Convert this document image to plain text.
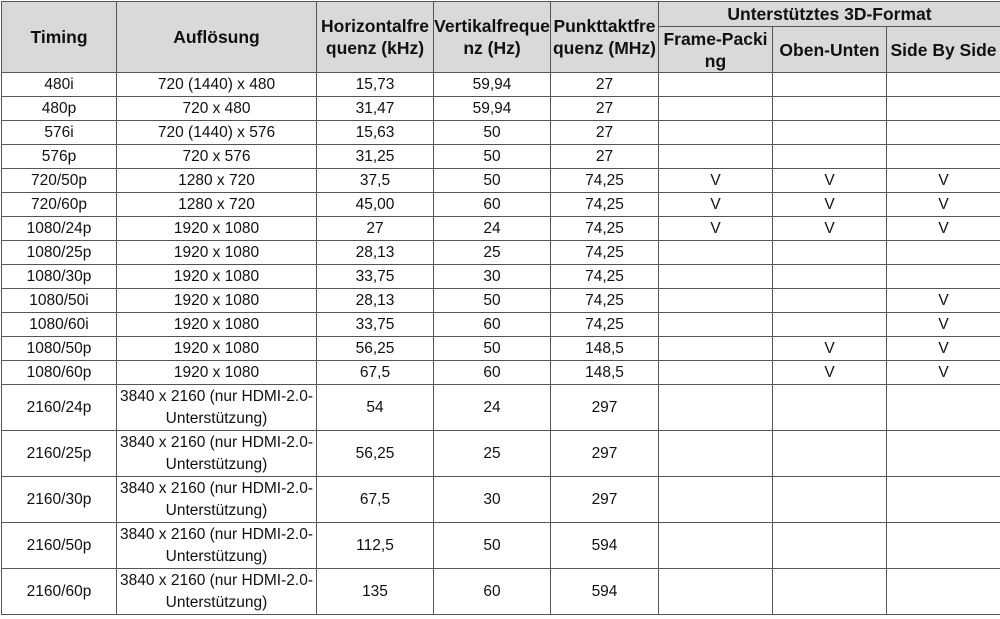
Timing	Auflösung	Horizontalfrequenz (kHz)	Vertikalfrequenz (Hz)	Punkttaktfrequenz (MHz)	Unterstütztes 3D-Format		
					Frame-Packing	Oben-Unten	Side By Side
480i	720 (1440) x 480	15,73	59,94	27			
480p	720 x 480	31,47	59,94	27			
576i	720 (1440) x 576	15,63	50	27			
576p	720 x 576	31,25	50	27			
720/50p	1280 x 720	37,5	50	74,25	V	V	V
720/60p	1280 x 720	45,00	60	74,25	V	V	V
1080/24p	1920 x 1080	27	24	74,25	V	V	V
1080/25p	1920 x 1080	28,13	25	74,25			
1080/30p	1920 x 1080	33,75	30	74,25			
1080/50i	1920 x 1080	28,13	50	74,25			V
1080/60i	1920 x 1080	33,75	60	74,25			V
1080/50p	1920 x 1080	56,25	50	148,5		V	V
1080/60p	1920 x 1080	67,5	60	148,5		V	V
2160/24p	3840 x 2160 (nur HDMI-2.0-Unterstützung)	54	24	297			
2160/25p	3840 x 2160 (nur HDMI-2.0-Unterstützung)	56,25	25	297			
2160/30p	3840 x 2160 (nur HDMI-2.0-Unterstützung)	67,5	30	297			
2160/50p	3840 x 2160 (nur HDMI-2.0-Unterstützung)	112,5	50	594			
2160/60p	3840 x 2160 (nur HDMI-2.0-Unterstützung)	135	60	594			
